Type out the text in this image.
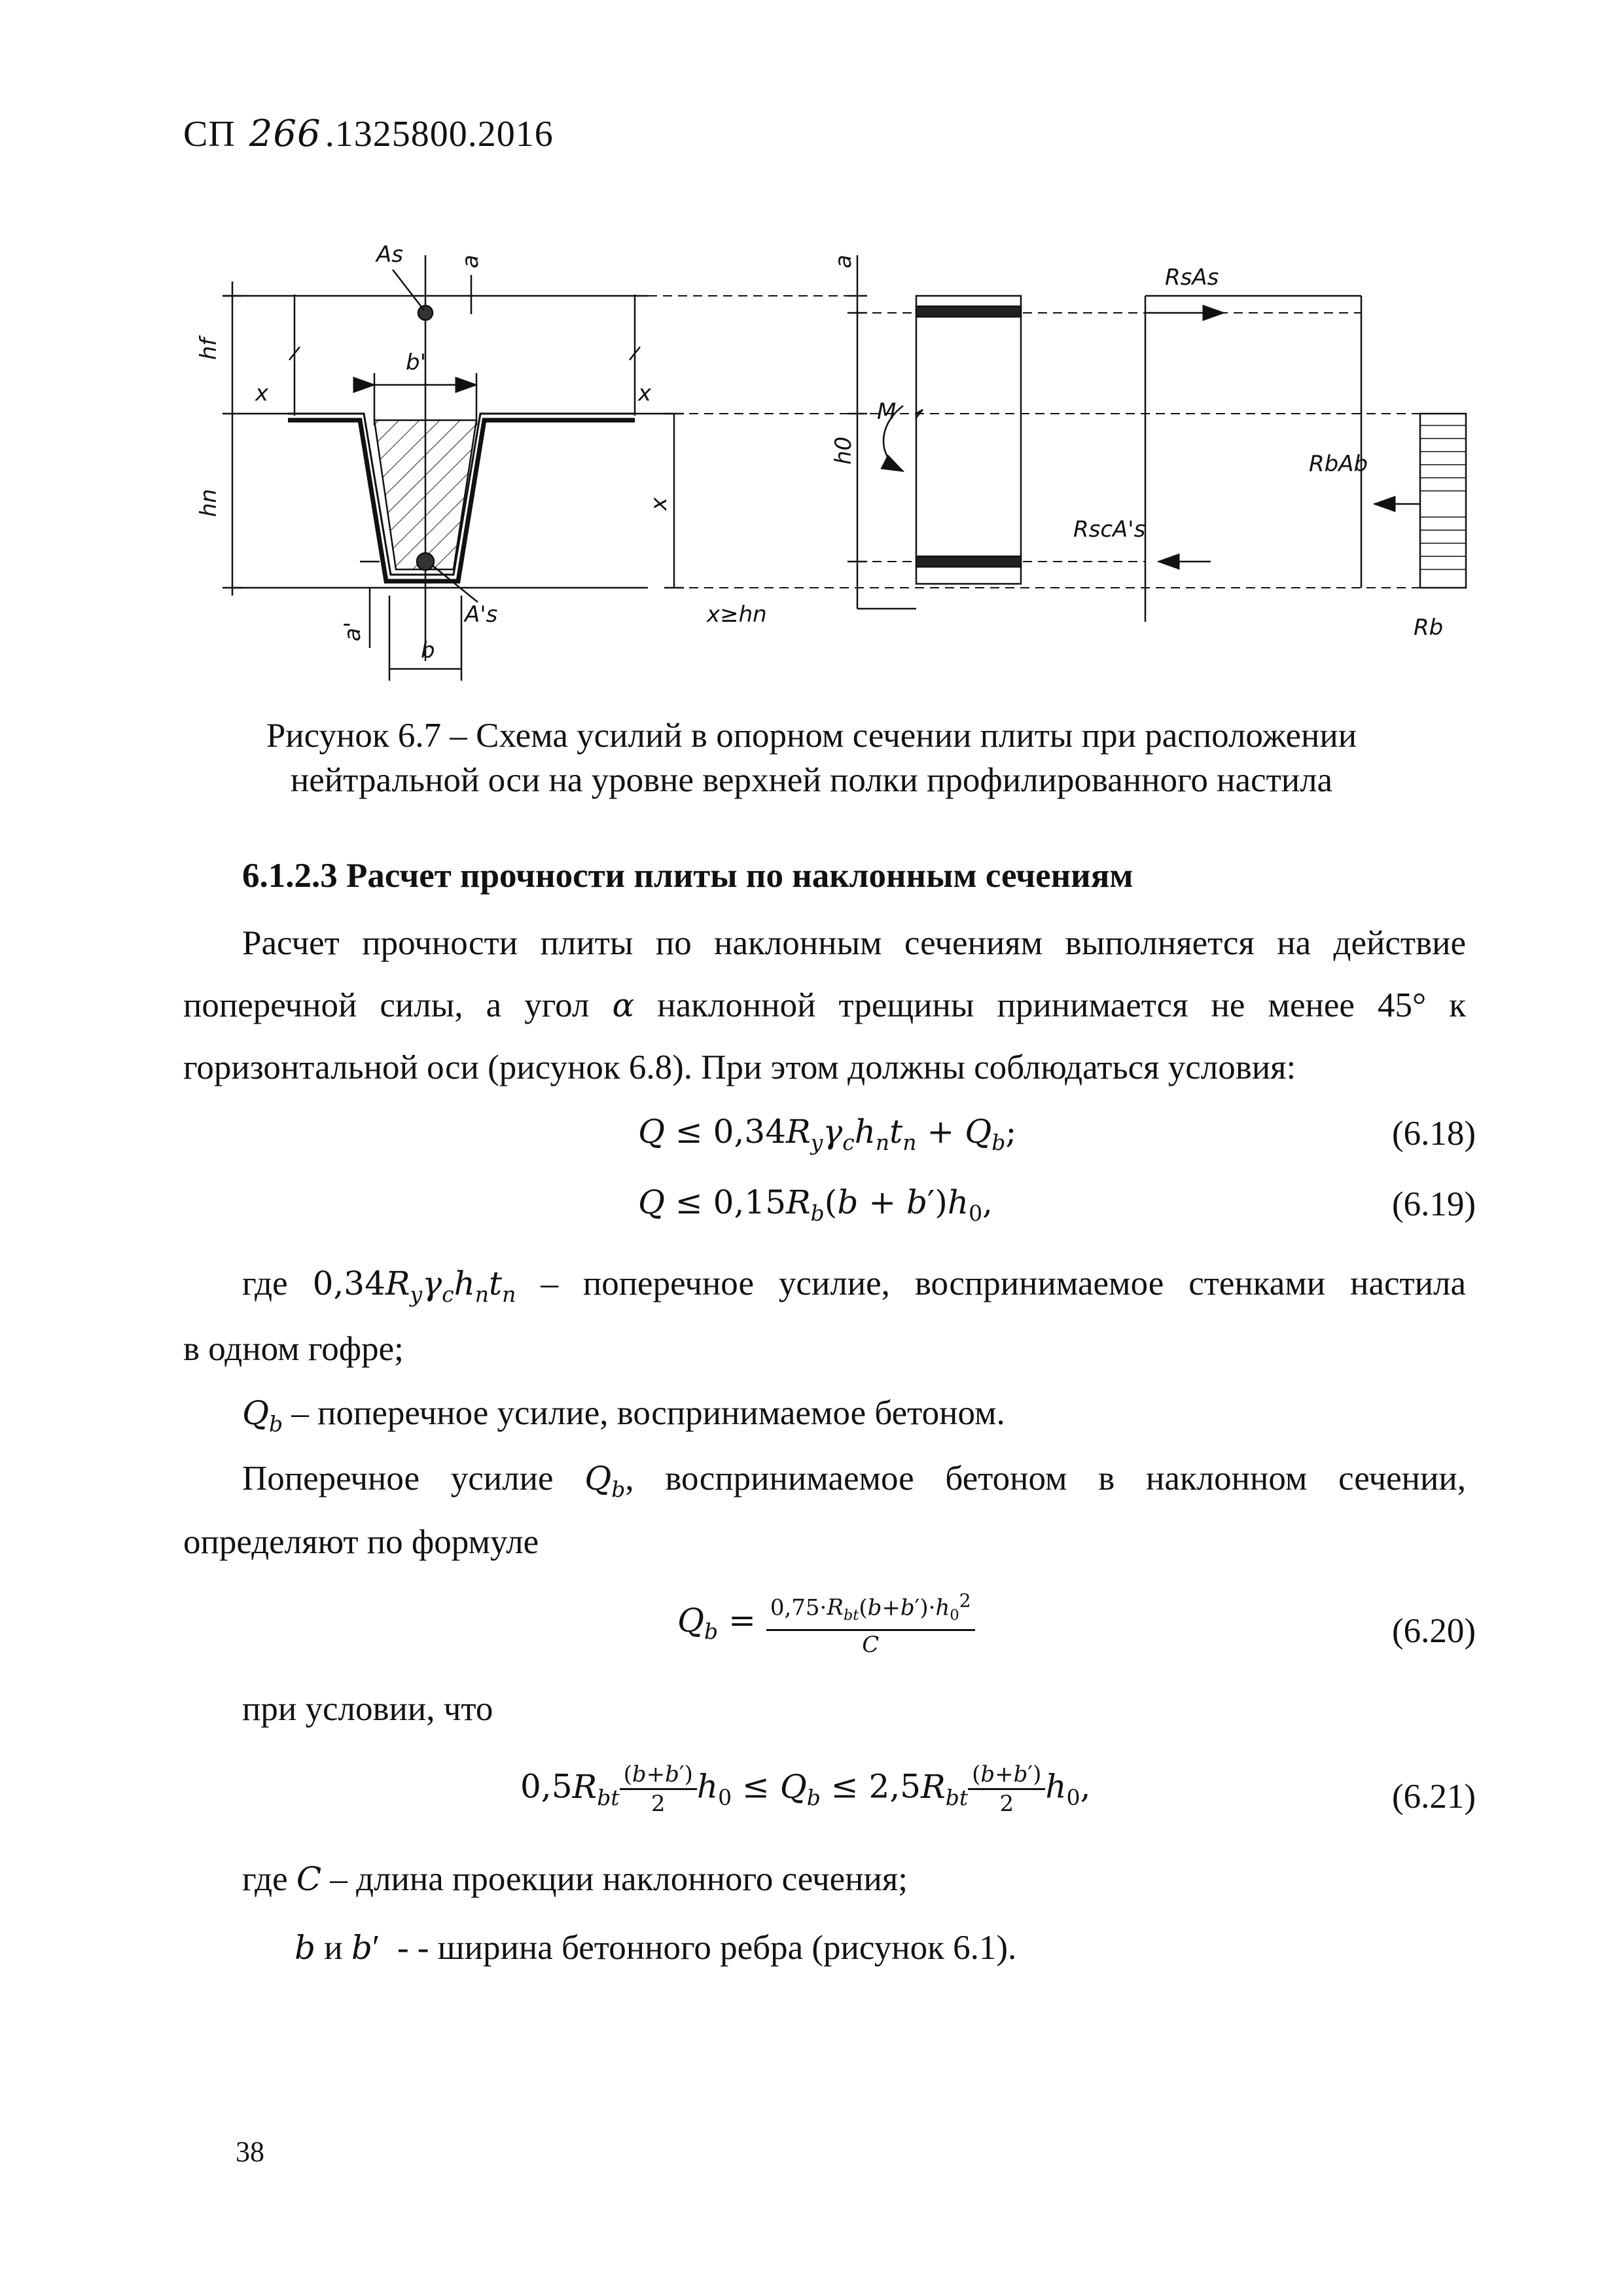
СП 266 .1325800.2016
As a
hf
b'
x	x
hn	x
a'
A's
b
x≥hn
a
h0
M
RsAs
RbAb
RscA's
Rb
Рисунок 6.7 – Схема усилий в опорном сечении плиты при расположении
нейтральной оси на уровне верхней полки профилированного настила
6.1.2.3 Расчет прочности плиты по наклонным сечениям
Расчет прочности плиты по наклонным сечениям выполняется на действие
поперечной силы, а угол α наклонной трещины принимается не менее 45° к
горизонтальной оси (рисунок 6.8). При этом должны соблюдаться условия:
$Q \le 0,34R_y\gamma_ch_nt_n + Q_b$;	(6.18)
$Q \le 0,15R_b(b + b')h_0$,	(6.19)
где $0,34R_y\gamma_ch_nt_n$ – поперечное усилие, воспринимаемое стенками настила
в одном гофре;
$Q_b$ – поперечное усилие, воспринимаемое бетоном.
Поперечное усилие $Q_b$, воспринимаемое бетоном в наклонном сечении,
определяют по формуле
$Q_b = \frac{0,75\cdot R_{bt}(b+b')\cdot h_0^2}{C}$	(6.20)
при условии, что
$0,5R_{bt} \frac{(b+b')}{2} h_0 \le Q_b \le 2,5R_{bt} \frac{(b+b')}{2} h_0$,	(6.21)
где C – длина проекции наклонного сечения;
b и b′  - - ширина бетонного ребра (рисунок 6.1).
38
